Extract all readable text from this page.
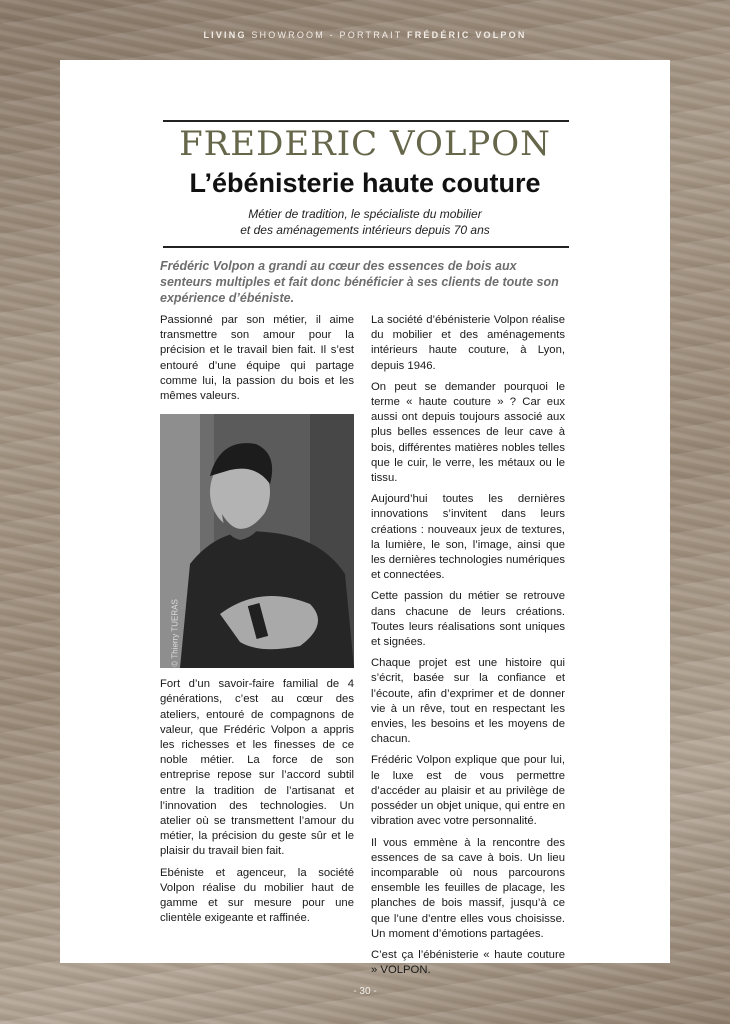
LIVING SHOWROOM - PORTRAIT FRÉDÉRIC VOLPON
FREDERIC VOLPON
L’ébénisterie haute couture
Métier de tradition, le spécialiste du mobilier
et des aménagements intérieurs depuis 70 ans
Frédéric Volpon a grandi au cœur des essences de bois aux senteurs multiples et fait donc bénéficier à ses clients de toute son expérience d’ébéniste.

Passionné par son métier, il aime transmettre son amour pour la précision et le travail bien fait. Il s’est entouré d’une équipe qui partage comme lui, la passion du bois et les mêmes valeurs.

© Thierry TUERAS

Fort d’un savoir-faire familial de 4 générations, c’est au cœur des ateliers, entouré de compagnons de valeur, que Frédéric Volpon a appris les richesses et les finesses de ce noble métier. La force de son entreprise repose sur l’accord subtil entre la tradition de l’artisanat et l’innovation des technologies. Un atelier où se transmettent l’amour du métier, la précision du geste sûr et le plaisir du travail bien fait.

Ebéniste et agenceur, la société Volpon réalise du mobilier haut de gamme et sur mesure pour une clientèle exigeante et raffinée.

La société d’ébénisterie Volpon réalise du mobilier et des aménagements intérieurs haute couture, à Lyon, depuis 1946.

On peut se demander pourquoi le terme « haute couture » ? Car eux aussi ont depuis toujours associé aux plus belles essences de leur cave à bois, différentes matières nobles telles que le cuir, le verre, les métaux ou le tissu.

Aujourd’hui toutes les dernières innovations s’invitent dans leurs créations : nouveaux jeux de textures, la lumière, le son, l’image, ainsi que les dernières technologies numériques et connectées.

Cette passion du métier se retrouve dans chacune de leurs créations. Toutes leurs réalisations sont uniques et signées.

Chaque projet est une histoire qui s’écrit, basée sur la confiance et l’écoute, afin d’exprimer et de donner vie à un rêve, tout en respectant les envies, les besoins et les moyens de chacun.

Frédéric Volpon explique que pour lui, le luxe est de vous permettre d’accéder au plaisir et au privilège de posséder un objet unique, qui entre en vibration avec votre personnalité.

Il vous emmène à la rencontre des essences de sa cave à bois. Un lieu incomparable où nous parcourons ensemble les feuilles de placage, les planches de bois massif, jusqu’à ce que l’une d’entre elles vous choisisse. Un moment d’émotions partagées.

C’est ça l’ébénisterie « haute couture » VOLPON.

- 30 -
